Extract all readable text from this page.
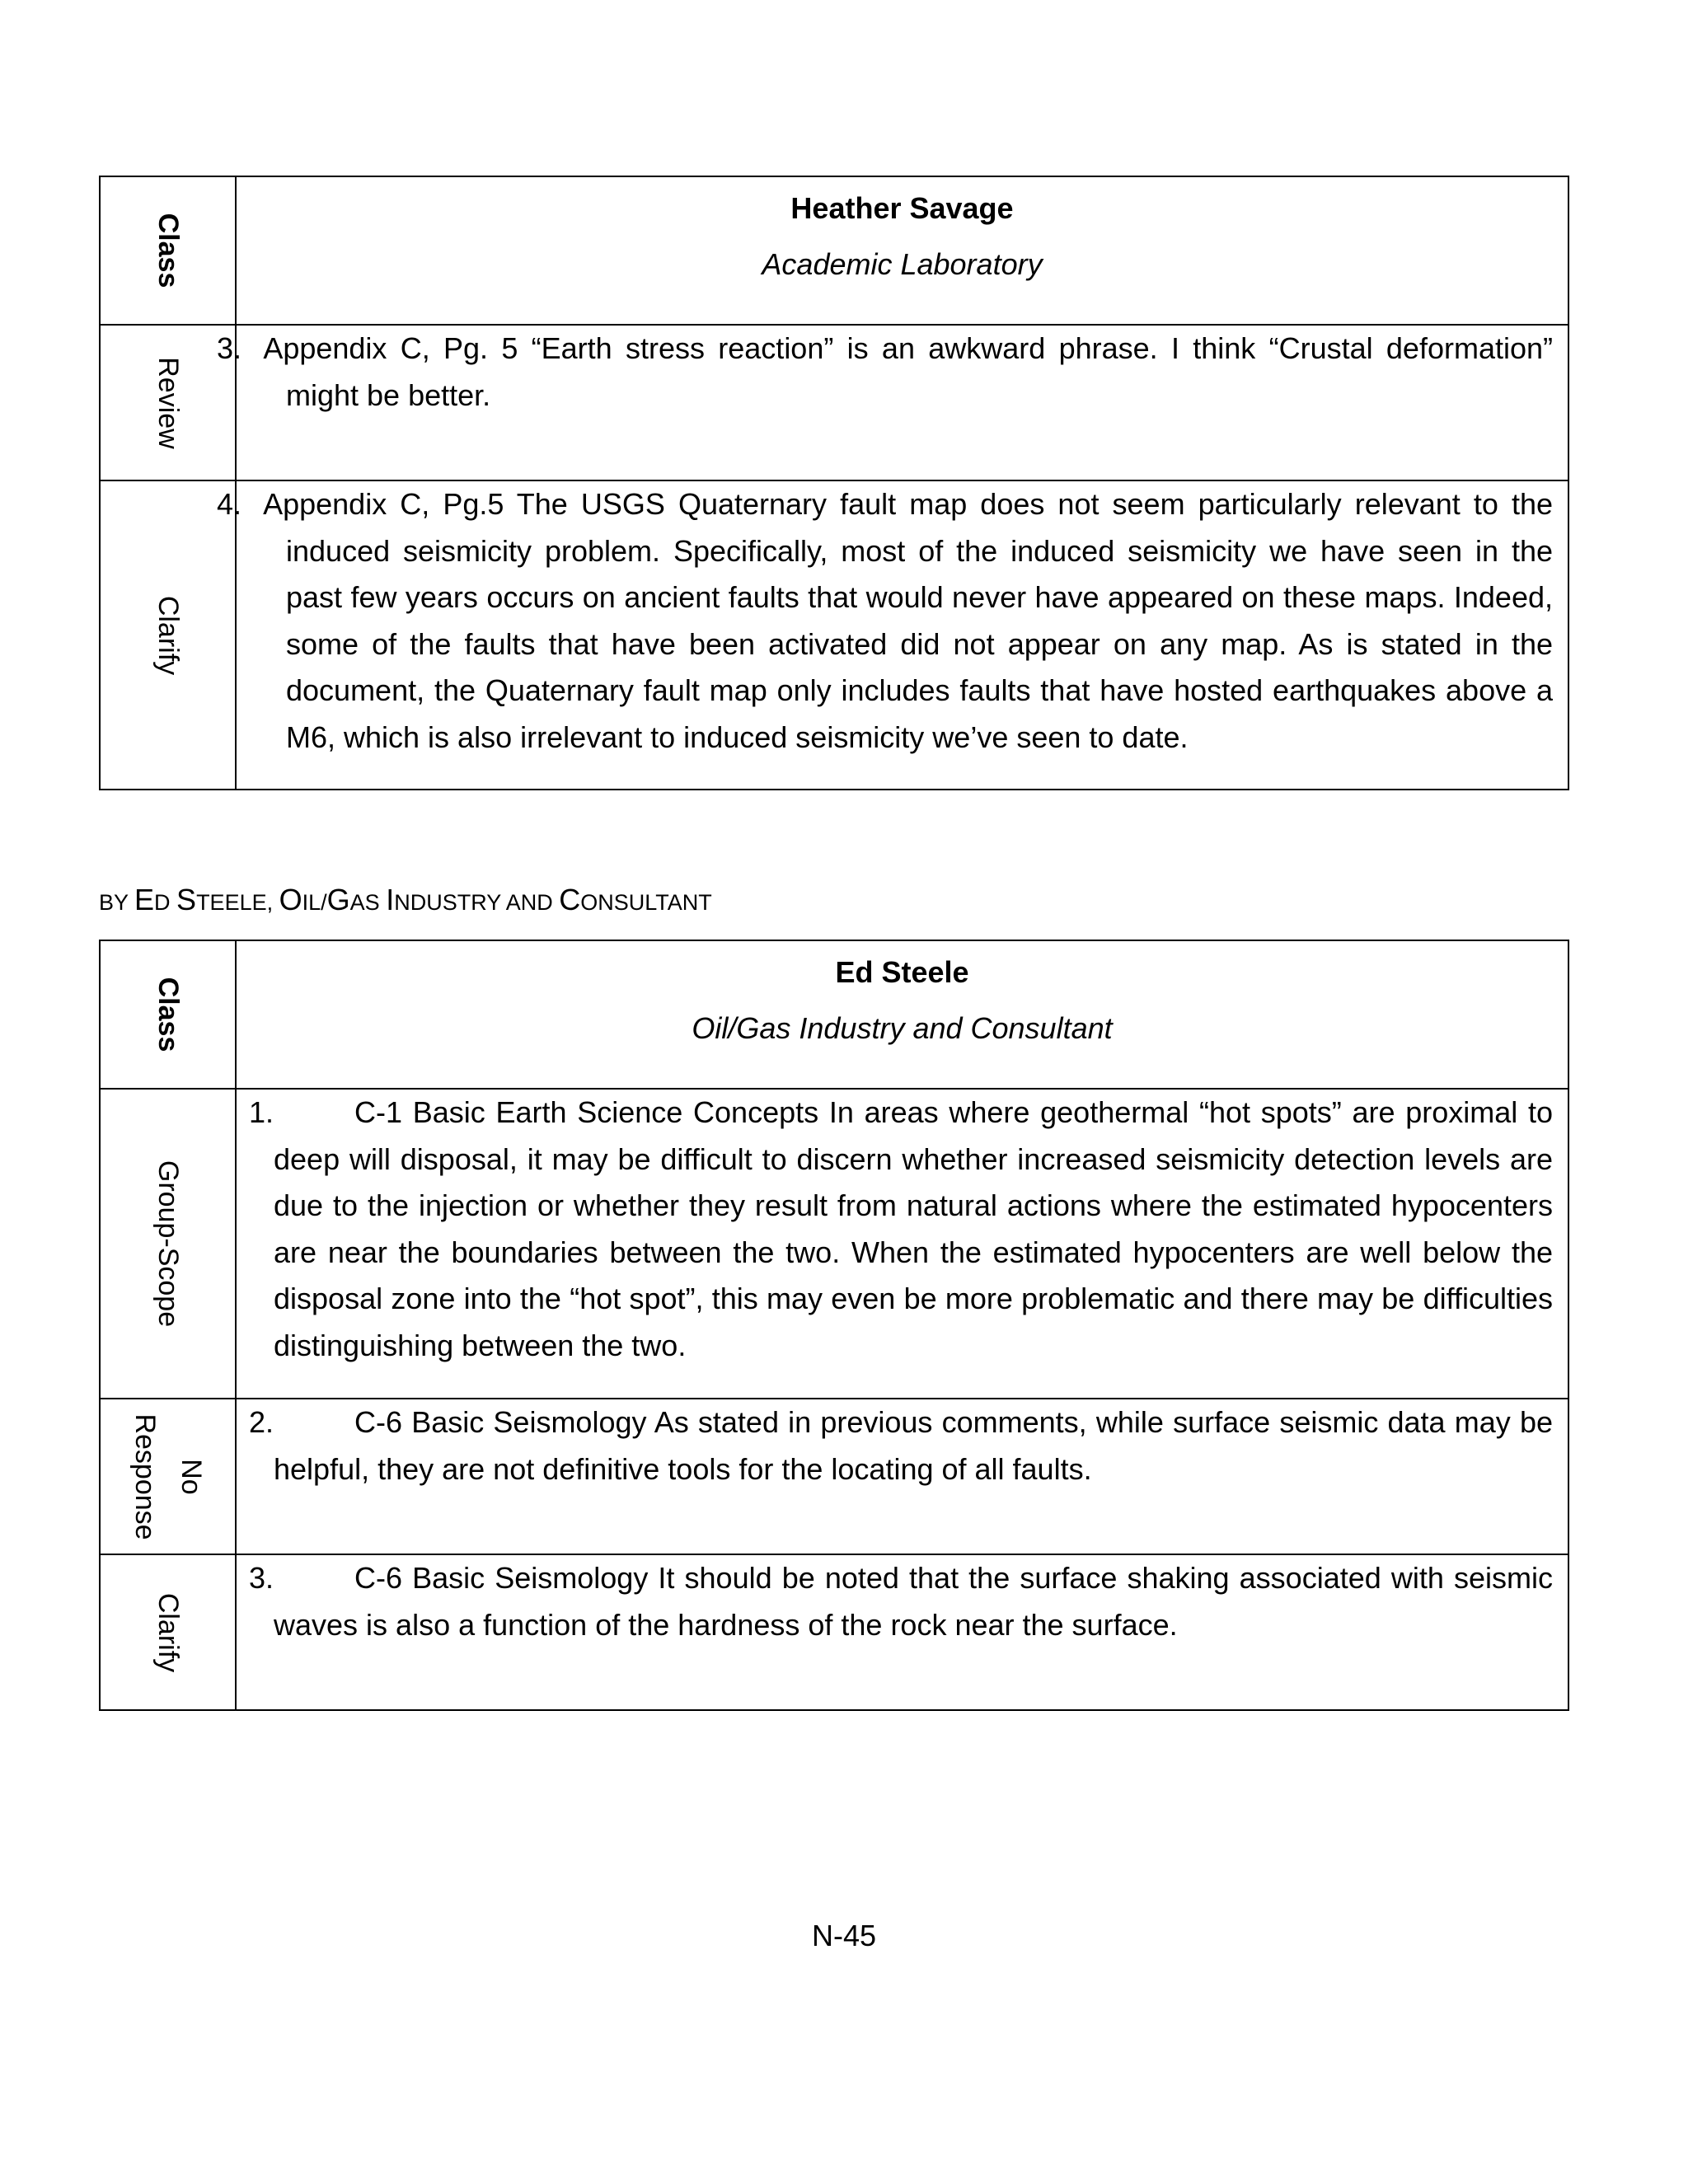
Class	Heather Savage
Academic Laboratory

Review	3. Appendix C, Pg. 5 “Earth stress reaction” is an awkward phrase. I think “Crustal deformation” might be better.

Clarify	4. Appendix C, Pg.5 The USGS Quaternary fault map does not seem particularly relevant to the induced seismicity problem. Specifically, most of the induced seismicity we have seen in the past few years occurs on ancient faults that would never have appeared on these maps. Indeed, some of the faults that have been activated did not appear on any map. As is stated in the document, the Quaternary fault map only includes faults that have hosted earthquakes above a M6, which is also irrelevant to induced seismicity we’ve seen to date.
BY ED STEELE, OIL/GAS INDUSTRY AND CONSULTANT
Class	Ed Steele
Oil/Gas Industry and Consultant

Group-Scope	1. C-1 Basic Earth Science Concepts In areas where geothermal “hot spots” are proximal to deep will disposal, it may be difficult to discern whether increased seismicity detection levels are due to the injection or whether they result from natural actions where the estimated hypocenters are near the boundaries between the two. When the estimated hypocenters are well below the disposal zone into the “hot spot”, this may even be more problematic and there may be difficulties distinguishing between the two.

No
Response	2. C-6 Basic Seismology As stated in previous comments, while surface seismic data may be helpful, they are not definitive tools for the locating of all faults.

Clarify	3. C-6 Basic Seismology It should be noted that the surface shaking associated with seismic waves is also a function of the hardness of the rock near the surface.
N-45
